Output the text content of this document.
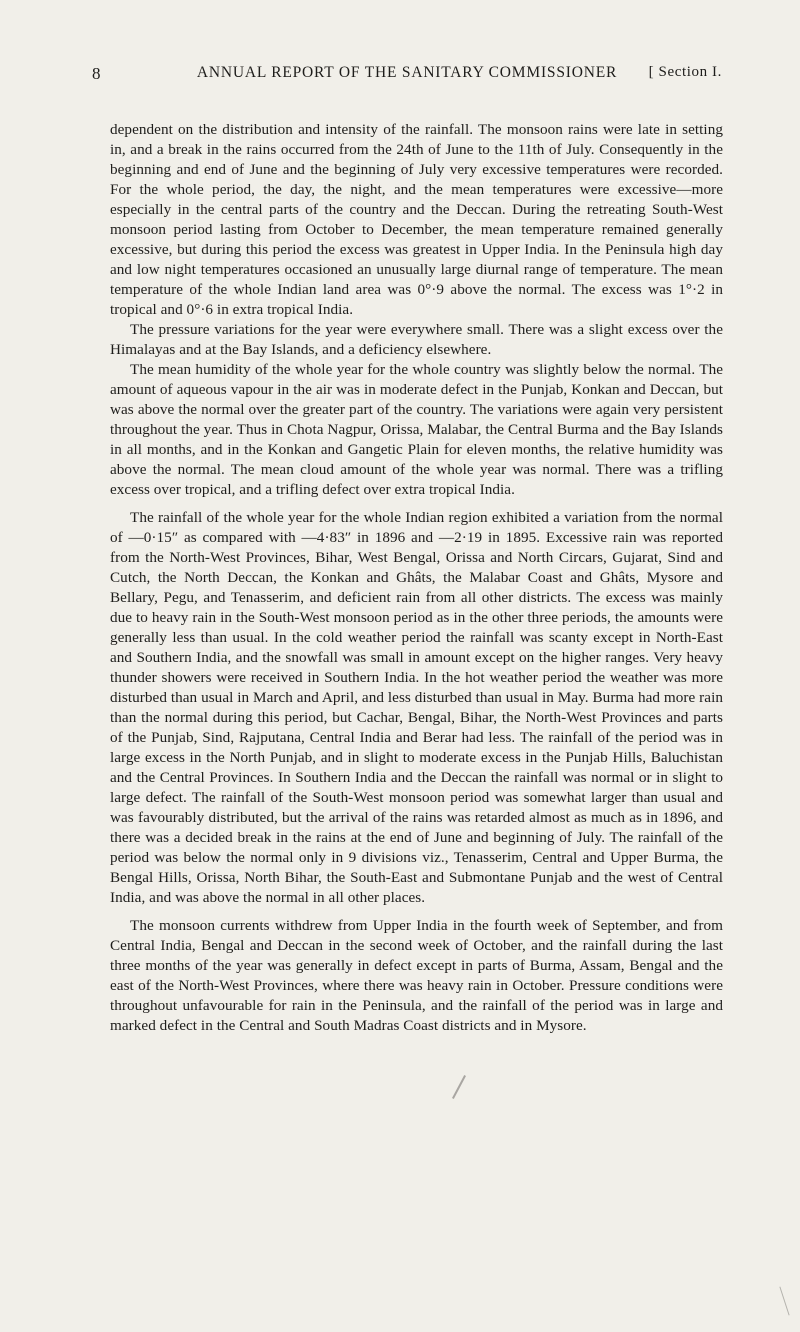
8	ANNUAL REPORT OF THE SANITARY COMMISSIONER	[ Section I.

dependent on the distribution and intensity of the rainfall. The monsoon rains were late in setting in, and a break in the rains occurred from the 24th of June to the 11th of July. Consequently in the beginning and end of June and the beginning of July very excessive temperatures were recorded. For the whole period, the day, the night, and the mean temperatures were excessive—more especially in the central parts of the country and the Deccan. During the retreating South-West monsoon period lasting from October to December, the mean temperature remained generally excessive, but during this period the excess was greatest in Upper India. In the Peninsula high day and low night temperatures occasioned an unusually large diurnal range of temperature. The mean temperature of the whole Indian land area was 0°·9 above the normal. The excess was 1°·2 in tropical and 0°·6 in extra tropical India.

The pressure variations for the year were everywhere small. There was a slight excess over the Himalayas and at the Bay Islands, and a deficiency elsewhere.

The mean humidity of the whole year for the whole country was slightly below the normal. The amount of aqueous vapour in the air was in moderate defect in the Punjab, Konkan and Deccan, but was above the normal over the greater part of the country. The variations were again very persistent throughout the year. Thus in Chota Nagpur, Orissa, Malabar, the Central Burma and the Bay Islands in all months, and in the Konkan and Gangetic Plain for eleven months, the relative humidity was above the normal. The mean cloud amount of the whole year was normal. There was a trifling excess over tropical, and a trifling defect over extra tropical India.

The rainfall of the whole year for the whole Indian region exhibited a variation from the normal of —0·15″ as compared with —4·83″ in 1896 and —2·19 in 1895. Excessive rain was reported from the North-West Provinces, Bihar, West Bengal, Orissa and North Circars, Gujarat, Sind and Cutch, the North Deccan, the Konkan and Ghâts, the Malabar Coast and Ghâts, Mysore and Bellary, Pegu, and Tenasserim, and deficient rain from all other districts. The excess was mainly due to heavy rain in the South-West monsoon period as in the other three periods, the amounts were generally less than usual. In the cold weather period the rainfall was scanty except in North-East and Southern India, and the snowfall was small in amount except on the higher ranges. Very heavy thunder showers were received in Southern India. In the hot weather period the weather was more disturbed than usual in March and April, and less disturbed than usual in May. Burma had more rain than the normal during this period, but Cachar, Bengal, Bihar, the North-West Provinces and parts of the Punjab, Sind, Rajputana, Central India and Berar had less. The rainfall of the period was in large excess in the North Punjab, and in slight to moderate excess in the Punjab Hills, Baluchistan and the Central Provinces. In Southern India and the Deccan the rainfall was normal or in slight to large defect. The rainfall of the South-West monsoon period was somewhat larger than usual and was favourably distributed, but the arrival of the rains was retarded almost as much as in 1896, and there was a decided break in the rains at the end of June and beginning of July. The rainfall of the period was below the normal only in 9 divisions viz., Tenasserim, Central and Upper Burma, the Bengal Hills, Orissa, North Bihar, the South-East and Submontane Punjab and the west of Central India, and was above the normal in all other places.

The monsoon currents withdrew from Upper India in the fourth week of September, and from Central India, Bengal and Deccan in the second week of October, and the rainfall during the last three months of the year was generally in defect except in parts of Burma, Assam, Bengal and the east of the North-West Provinces, where there was heavy rain in October. Pressure conditions were throughout unfavourable for rain in the Peninsula, and the rainfall of the period was in large and marked defect in the Central and South Madras Coast districts and in Mysore.
